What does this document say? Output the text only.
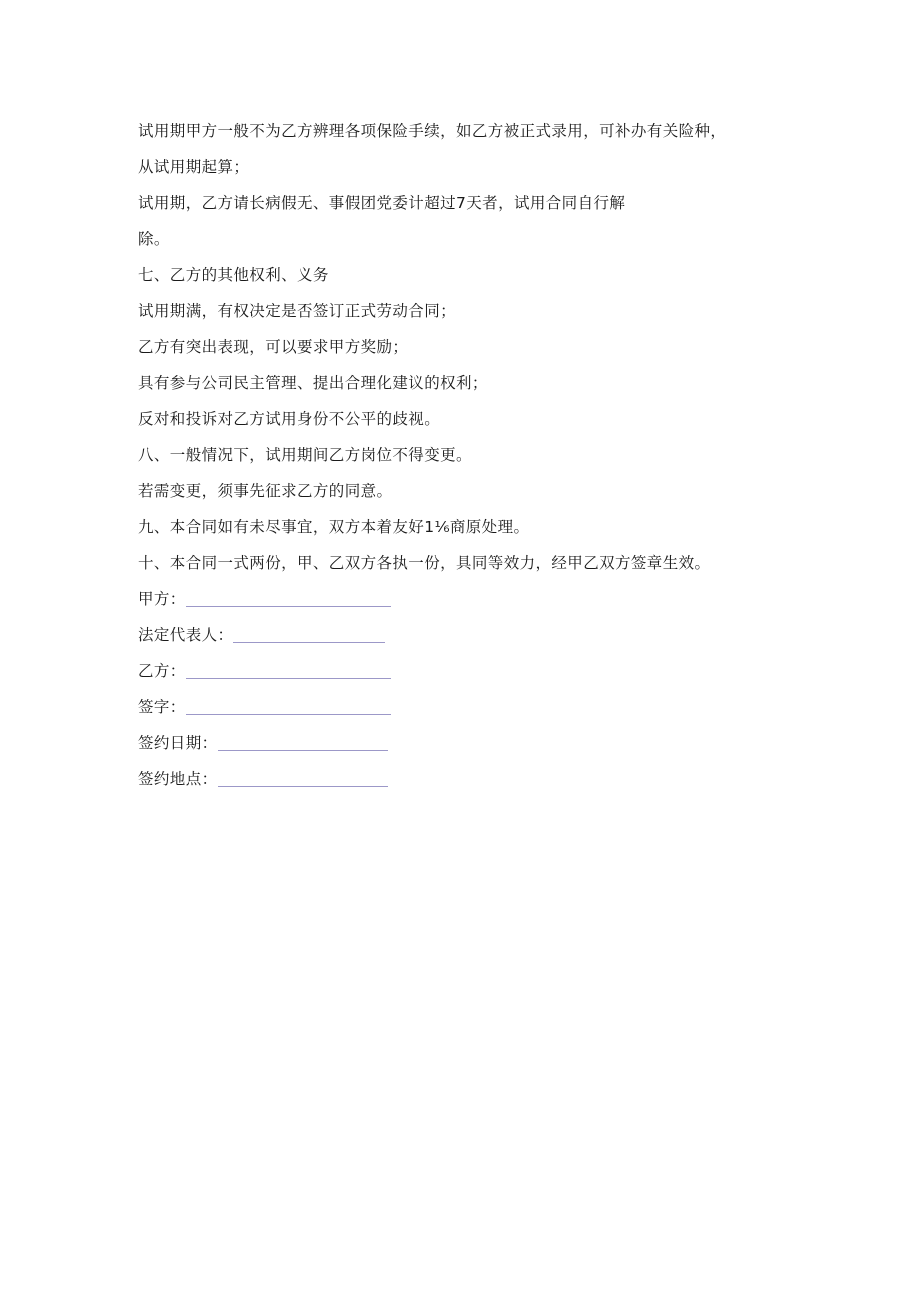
试用期甲方一般不为乙方辨理各项保险手续，如乙方被正式录用，可补办有关险种，
从试用期起算；
试用期，乙方请长病假无、事假团党委计超过7天者，试用合同自行解
除。
七、乙方的其他权利、义务
试用期满，有权决定是否签订正式劳动合同；
乙方有突出表现，可以要求甲方奖励；
具有参与公司民主管理、提出合理化建议的权利；
反对和投诉对乙方试用身份不公平的歧视。
八、一般情况下，试用期间乙方岗位不得变更。
若需变更，须事先征求乙方的同意。
九、本合同如有未尽事宜，双方本着友好1⅙商原处理。
十、本合同一式两份，甲、乙双方各执一份，具同等效力，经甲乙双方签章生效。
甲方：
法定代表人：
乙方：
签字：
签约日期：
签约地点：
